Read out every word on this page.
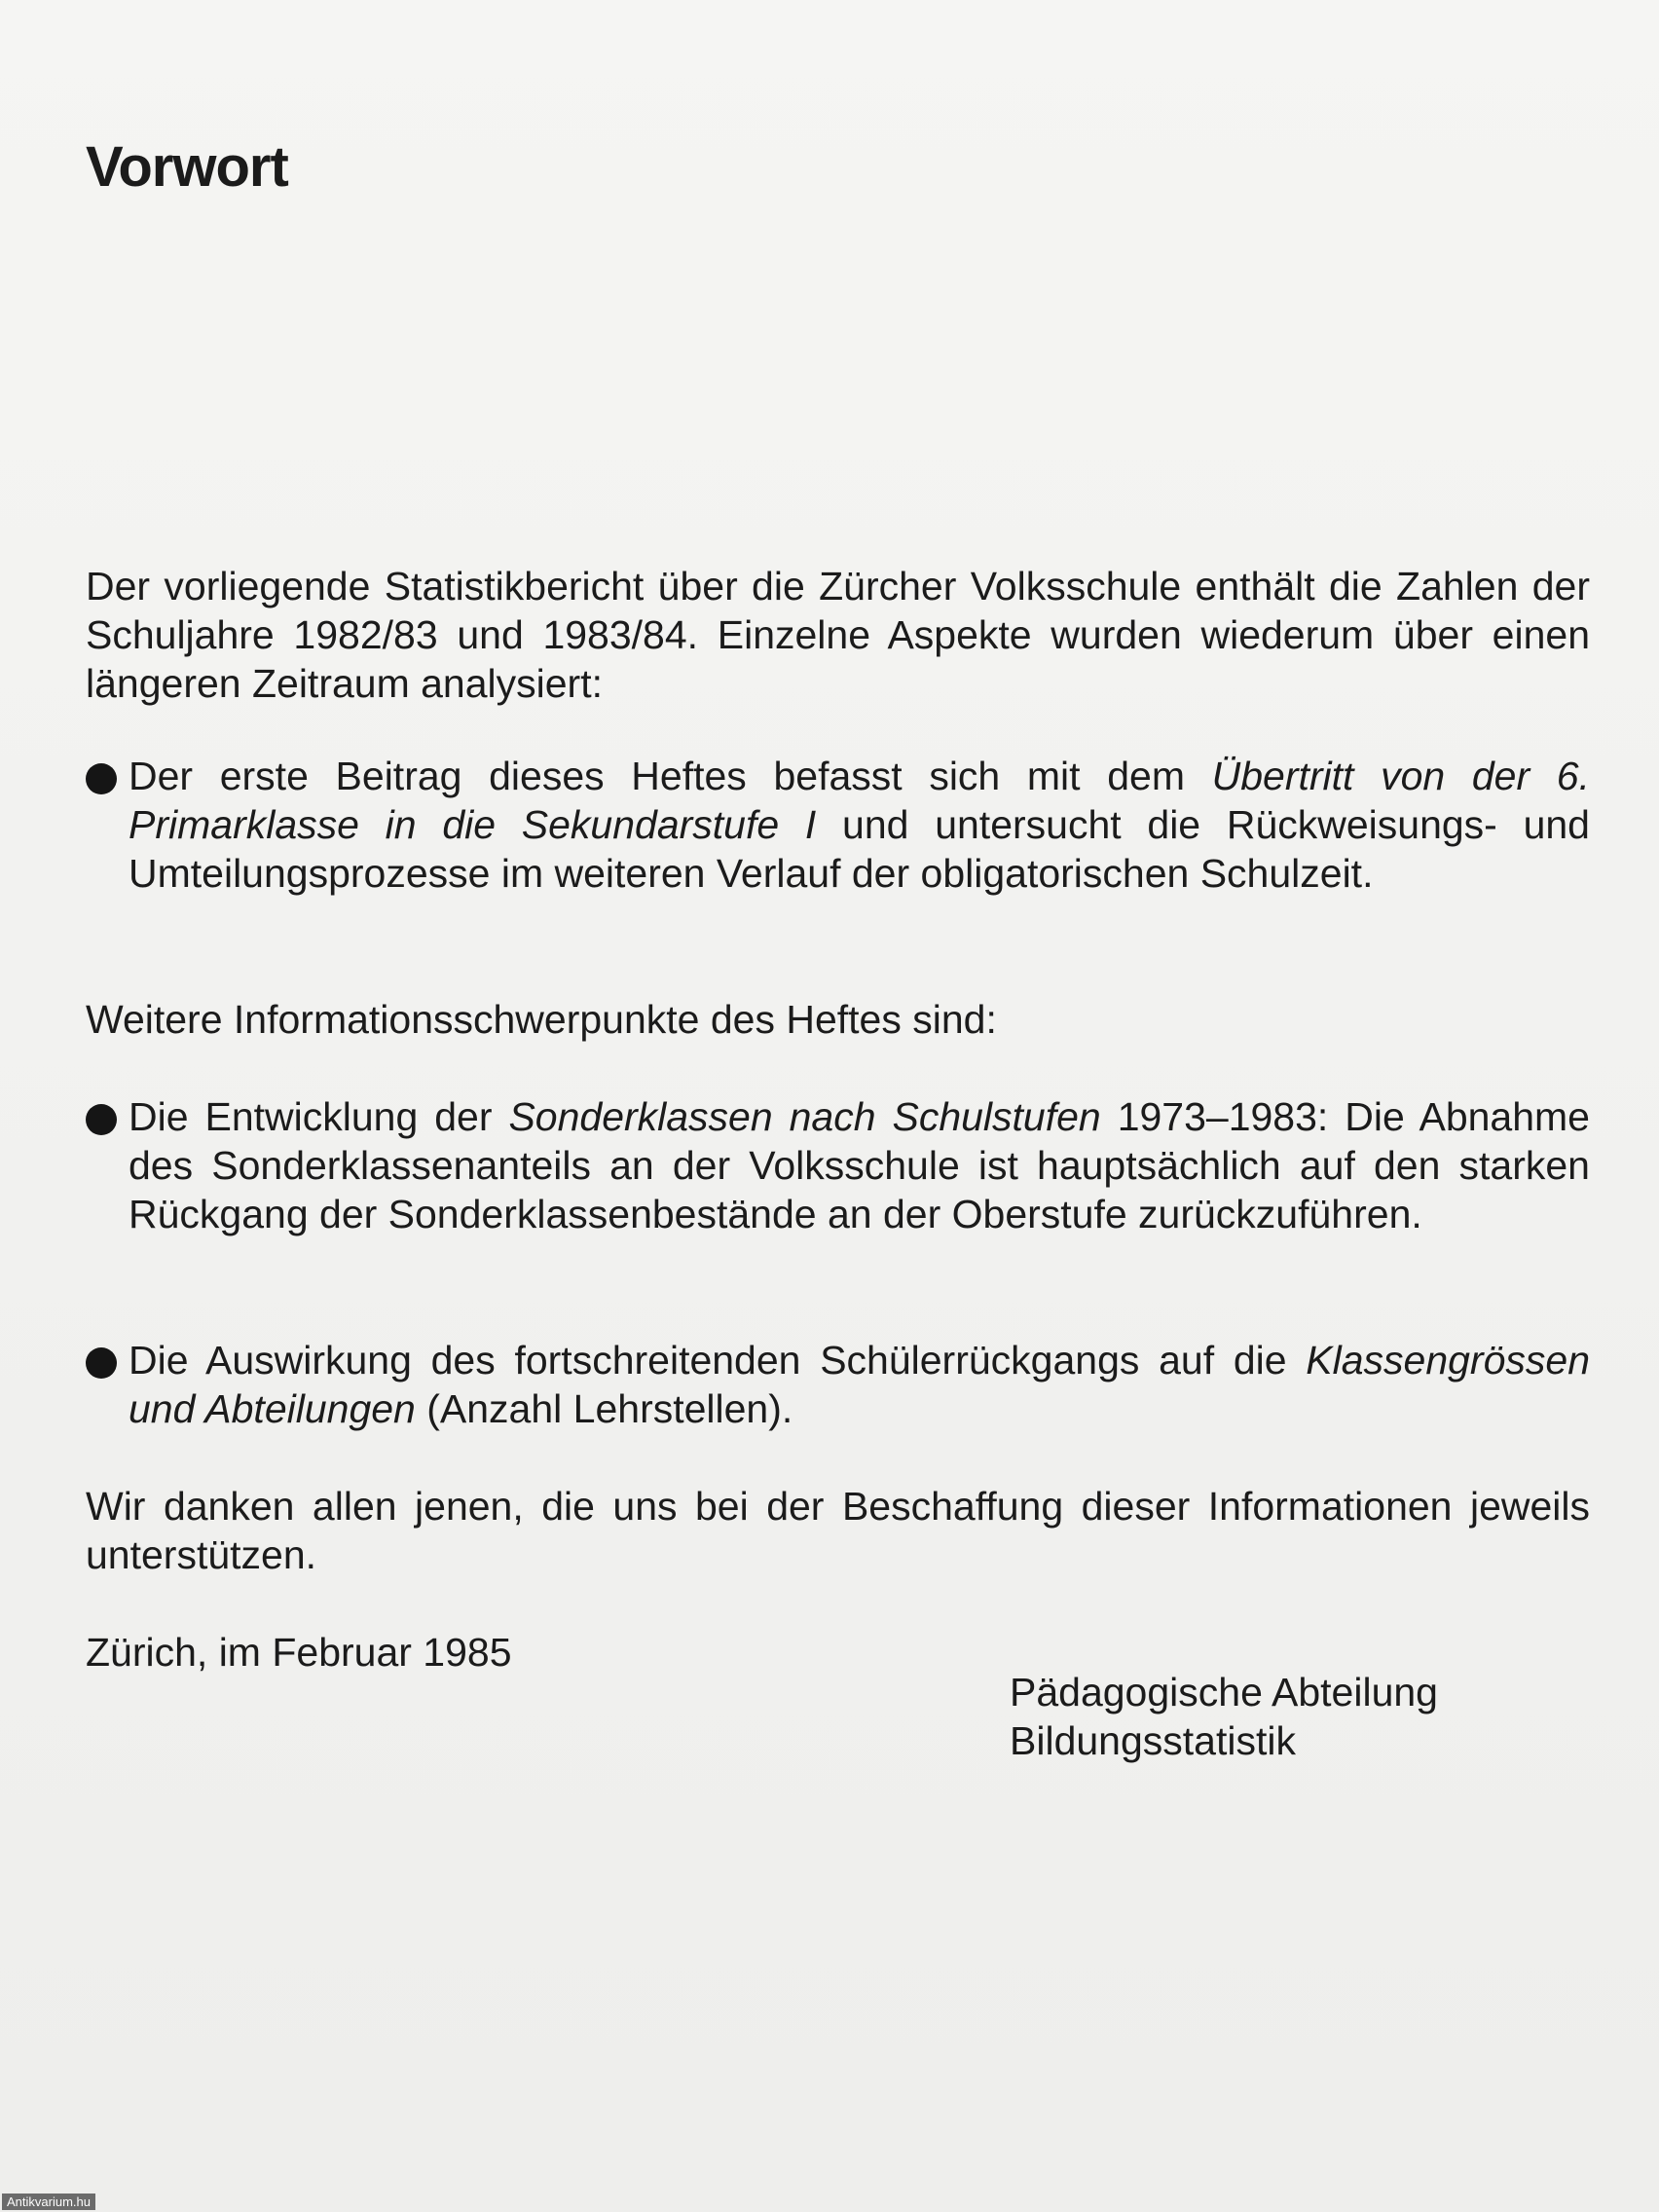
Vorwort

Der vorliegende Statistikbericht über die Zürcher Volksschule enthält die Zahlen der Schuljahre 1982/83 und 1983/84. Einzelne Aspekte wurden wiederum über einen längeren Zeitraum analysiert:

Der erste Beitrag dieses Heftes befasst sich mit dem Übertritt von der 6. Primarklasse in die Sekundarstufe I und untersucht die Rückweisungs- und Umteilungsprozesse im weiteren Verlauf der obligatorischen Schulzeit.

Weitere Informationsschwerpunkte des Heftes sind:

Die Entwicklung der Sonderklassen nach Schulstufen 1973–1983: Die Abnahme des Sonderklassenanteils an der Volksschule ist hauptsächlich auf den starken Rückgang der Sonderklassenbestände an der Oberstufe zurückzuführen.

Die Auswirkung des fortschreitenden Schülerrückgangs auf die Klassengrössen und Abteilungen (Anzahl Lehrstellen).

Wir danken allen jenen, die uns bei der Beschaffung dieser Informationen jeweils unterstützen.

Zürich, im Februar 1985

Pädagogische Abteilung
Bildungsstatistik

Antikvarium.hu
